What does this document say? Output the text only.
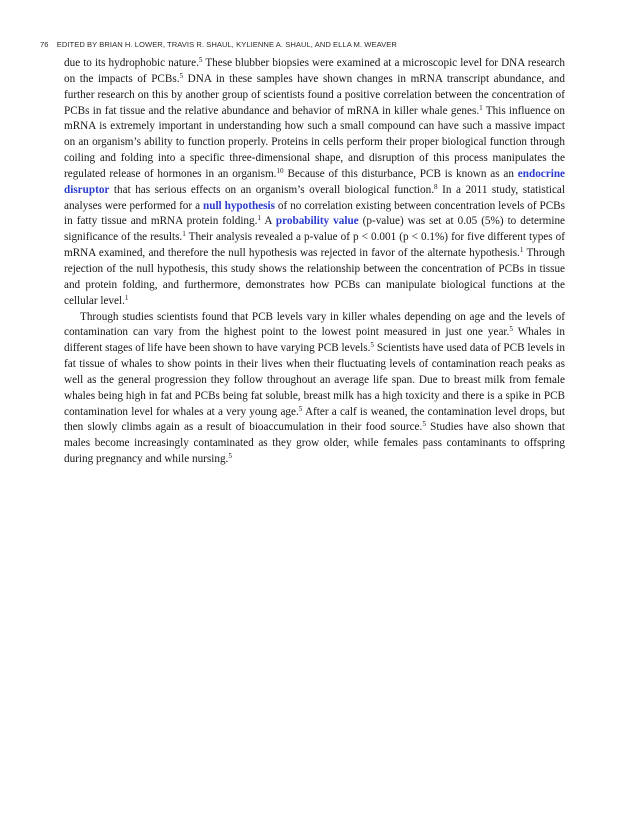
76 EDITED BY BRIAN H. LOWER, TRAVIS R. SHAUL, KYLIENNE A. SHAUL, AND ELLA M. WEAVER

due to its hydrophobic nature.$^5$ These blubber biopsies were examined at a microscopic level for DNA research on the impacts of PCBs.$^5$ DNA in these samples have shown changes in mRNA transcript abundance, and further research on this by another group of scientists found a positive correlation between the concentration of PCBs in fat tissue and the relative abundance and behavior of mRNA in killer whale genes.$^1$ This influence on mRNA is extremely important in understanding how such a small compound can have such a massive impact on an organism’s ability to function properly. Proteins in cells perform their proper biological function through coiling and folding into a specific three-dimensional shape, and disruption of this process manipulates the regulated release of hormones in an organism.$^{10}$ Because of this disturbance, PCB is known as an endocrine disruptor that has serious effects on an organism’s overall biological function.$^8$ In a 2011 study, statistical analyses were performed for a null hypothesis of no correlation existing between concentration levels of PCBs in fatty tissue and mRNA protein folding.$^1$ A probability value (p-value) was set at 0.05 (5%) to determine significance of the results.$^1$ Their analysis revealed a p-value of p < 0.001 (p < 0.1%) for five different types of mRNA examined, and therefore the null hypothesis was rejected in favor of the alternate hypothesis.$^1$ Through rejection of the null hypothesis, this study shows the relationship between the concentration of PCBs in tissue and protein folding, and furthermore, demonstrates how PCBs can manipulate biological functions at the cellular level.$^1$

Through studies scientists found that PCB levels vary in killer whales depending on age and the levels of contamination can vary from the highest point to the lowest point measured in just one year.$^5$ Whales in different stages of life have been shown to have varying PCB levels.$^5$ Scientists have used data of PCB levels in fat tissue of whales to show points in their lives when their fluctuating levels of contamination reach peaks as well as the general progression they follow throughout an average life span. Due to breast milk from female whales being high in fat and PCBs being fat soluble, breast milk has a high toxicity and there is a spike in PCB contamination level for whales at a very young age.$^5$ After a calf is weaned, the contamination level drops, but then slowly climbs again as a result of bioaccumulation in their food source.$^5$ Studies have also shown that males become increasingly contaminated as they grow older, while females pass contaminants to offspring during pregnancy and while nursing.$^5$
